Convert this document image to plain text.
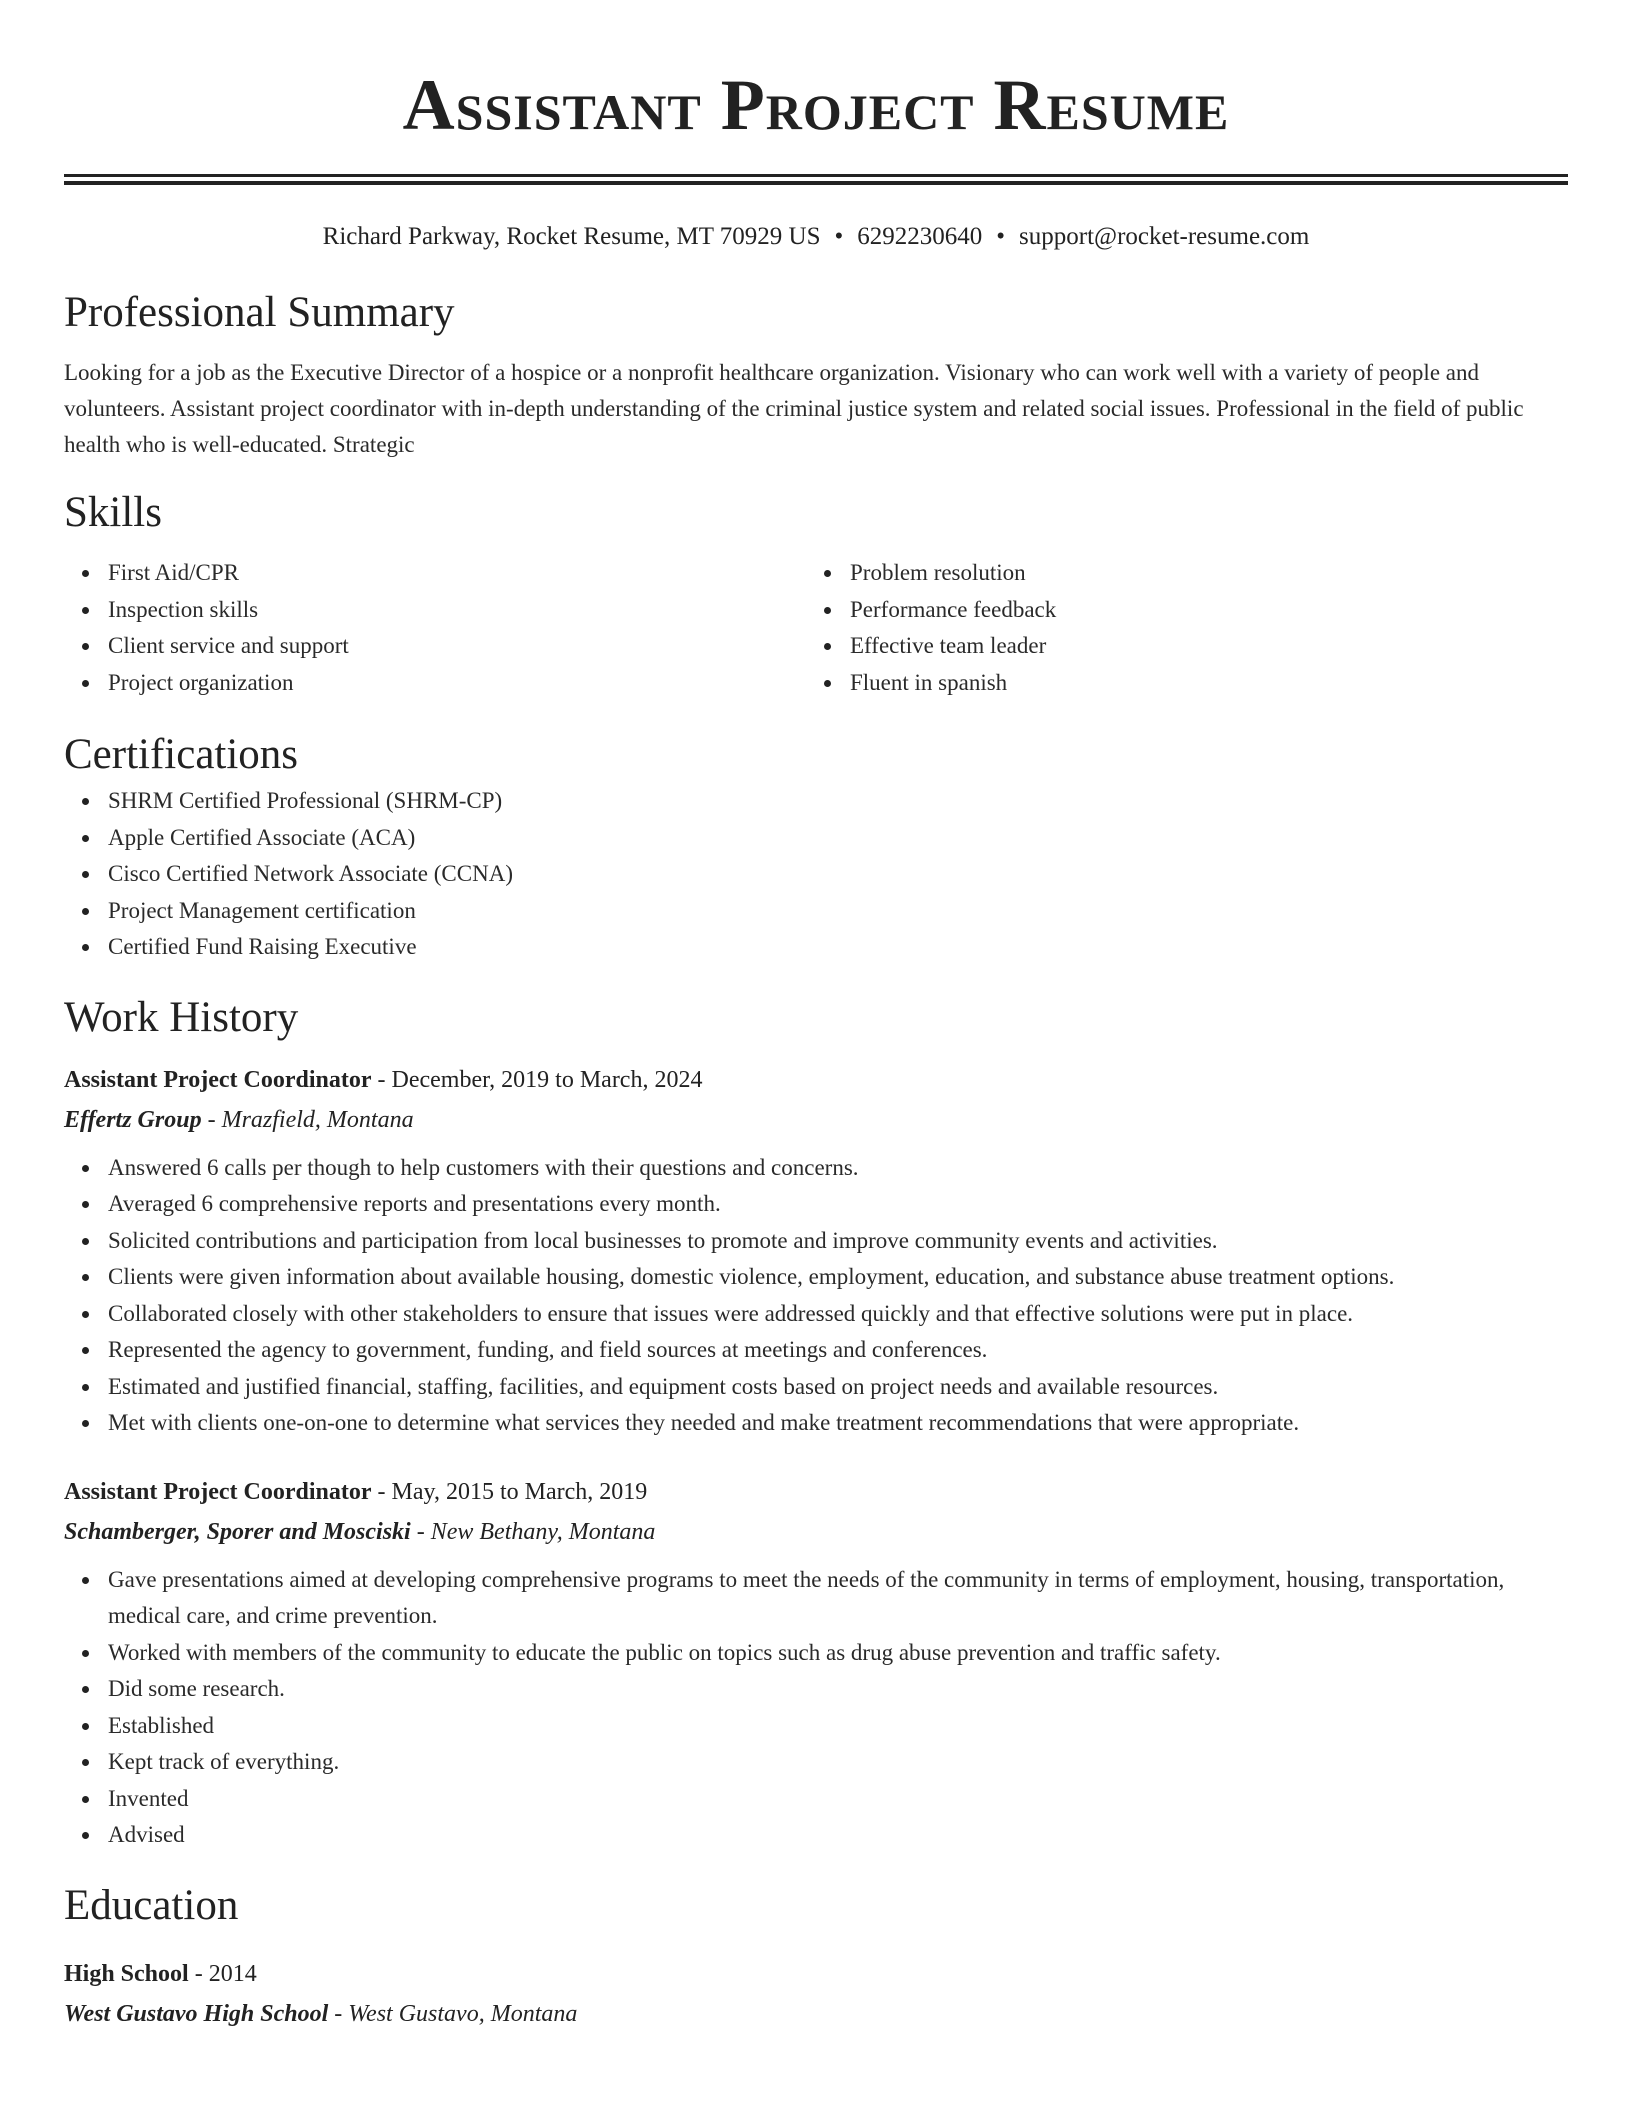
Assistant Project Resume
Richard Parkway, Rocket Resume, MT 70929 US • 6292230640 • support@rocket-resume.com
Professional Summary

Looking for a job as the Executive Director of a hospice or a nonprofit healthcare organization. Visionary who can work well with a variety of people and volunteers. Assistant project coordinator with in-depth understanding of the criminal justice system and related social issues. Professional in the field of public health who is well-educated. Strategic

Skills
First Aid/CPR
Inspection skills
Client service and support
Project organization
Problem resolution
Performance feedback
Effective team leader
Fluent in spanish
Certifications
SHRM Certified Professional (SHRM-CP)
Apple Certified Associate (ACA)
Cisco Certified Network Associate (CCNA)
Project Management certification
Certified Fund Raising Executive
Work History
Assistant Project Coordinator - December, 2019 to March, 2024
Effertz Group - Mrazfield, Montana
Answered 6 calls per though to help customers with their questions and concerns.
Averaged 6 comprehensive reports and presentations every month.
Solicited contributions and participation from local businesses to promote and improve community events and activities.
Clients were given information about available housing, domestic violence, employment, education, and substance abuse treatment options.
Collaborated closely with other stakeholders to ensure that issues were addressed quickly and that effective solutions were put in place.
Represented the agency to government, funding, and field sources at meetings and conferences.
Estimated and justified financial, staffing, facilities, and equipment costs based on project needs and available resources.
Met with clients one-on-one to determine what services they needed and make treatment recommendations that were appropriate.
Assistant Project Coordinator - May, 2015 to March, 2019
Schamberger, Sporer and Mosciski - New Bethany, Montana
Gave presentations aimed at developing comprehensive programs to meet the needs of the community in terms of employment, housing, transportation, medical care, and crime prevention.
Worked with members of the community to educate the public on topics such as drug abuse prevention and traffic safety.
Did some research.
Established
Kept track of everything.
Invented
Advised
Education
High School - 2014
West Gustavo High School - West Gustavo, Montana
